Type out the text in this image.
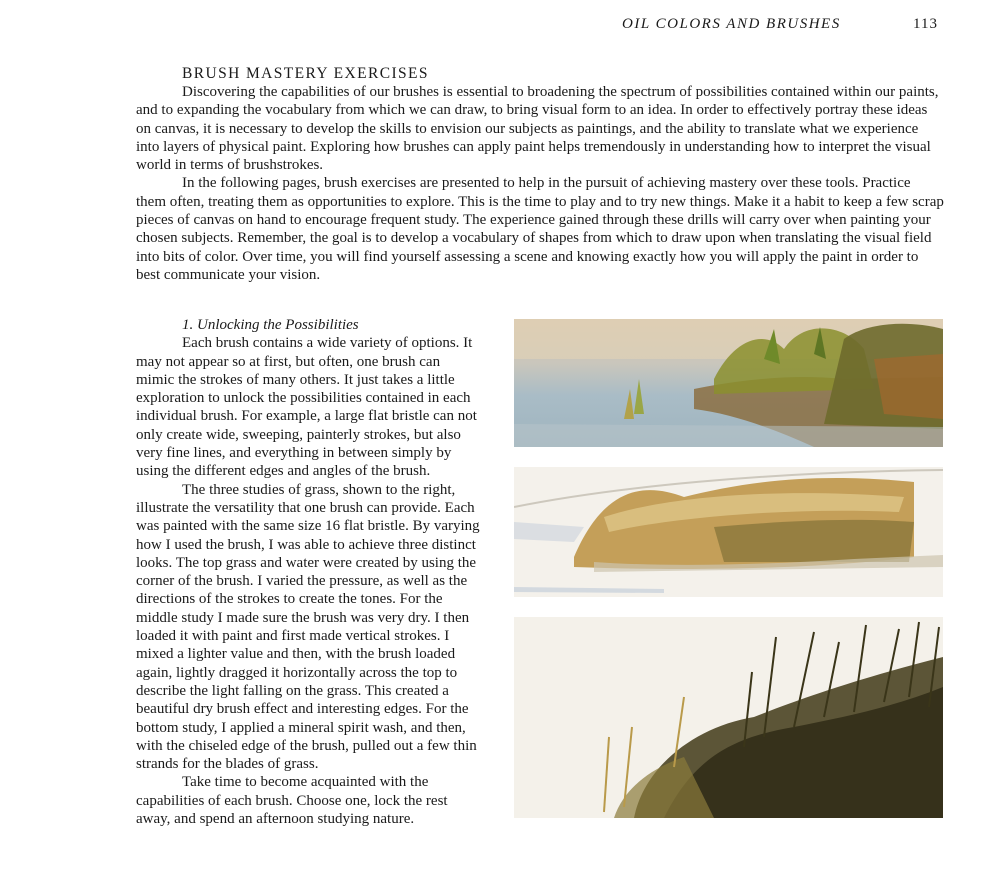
OIL COLORS AND BRUSHES	113
BRUSH MASTERY EXERCISES

Discovering the capabilities of our brushes is essential to broadening the spectrum of possibilities contained within our paints, and to expanding the vocabulary from which we can draw, to bring visual form to an idea. In order to effectively portray these ideas on canvas, it is necessary to develop the skills to envision our subjects as paintings, and the ability to translate what we experience into layers of physical paint. Exploring how brushes can apply paint helps tremendously in understanding how to interpret the visual world in terms of brushstrokes.

In the following pages, brush exercises are presented to help in the pursuit of achieving mastery over these tools. Practice them often, treating them as opportunities to explore. This is the time to play and to try new things. Make it a habit to keep a few scrap pieces of canvas on hand to encourage frequent study. The experience gained through these drills will carry over when painting your chosen subjects. Remember, the goal is to develop a vocabulary of shapes from which to draw upon when translating the visual field into bits of color. Over time, you will find yourself assessing a scene and knowing exactly how you will apply the paint in order to best communicate your vision.

1. Unlocking the Possibilities

Each brush contains a wide variety of options. It may not appear so at first, but often, one brush can mimic the strokes of many others. It just takes a little exploration to unlock the possibilities contained in each individual brush. For example, a large flat bristle can not only create wide, sweeping, painterly strokes, but also very fine lines, and everything in between simply by using the different edges and angles of the brush.

The three studies of grass, shown to the right, illustrate the versatility that one brush can provide. Each was painted with the same size 16 flat bristle. By varying how I used the brush, I was able to achieve three distinct looks. The top grass and water were created by using the corner of the brush. I varied the pressure, as well as the directions of the strokes to create the tones. For the middle study I made sure the brush was very dry. I then loaded it with paint and first made vertical strokes. I mixed a lighter value and then, with the brush loaded again, lightly dragged it horizontally across the top to describe the light falling on the grass. This created a beautiful dry brush effect and interesting edges. For the bottom study, I applied a mineral spirit wash, and then, with the chiseled edge of the brush, pulled out a few thin strands for the blades of grass.

Take time to become acquainted with the capabilities of each brush. Choose one, lock the rest away, and spend an afternoon studying nature.
